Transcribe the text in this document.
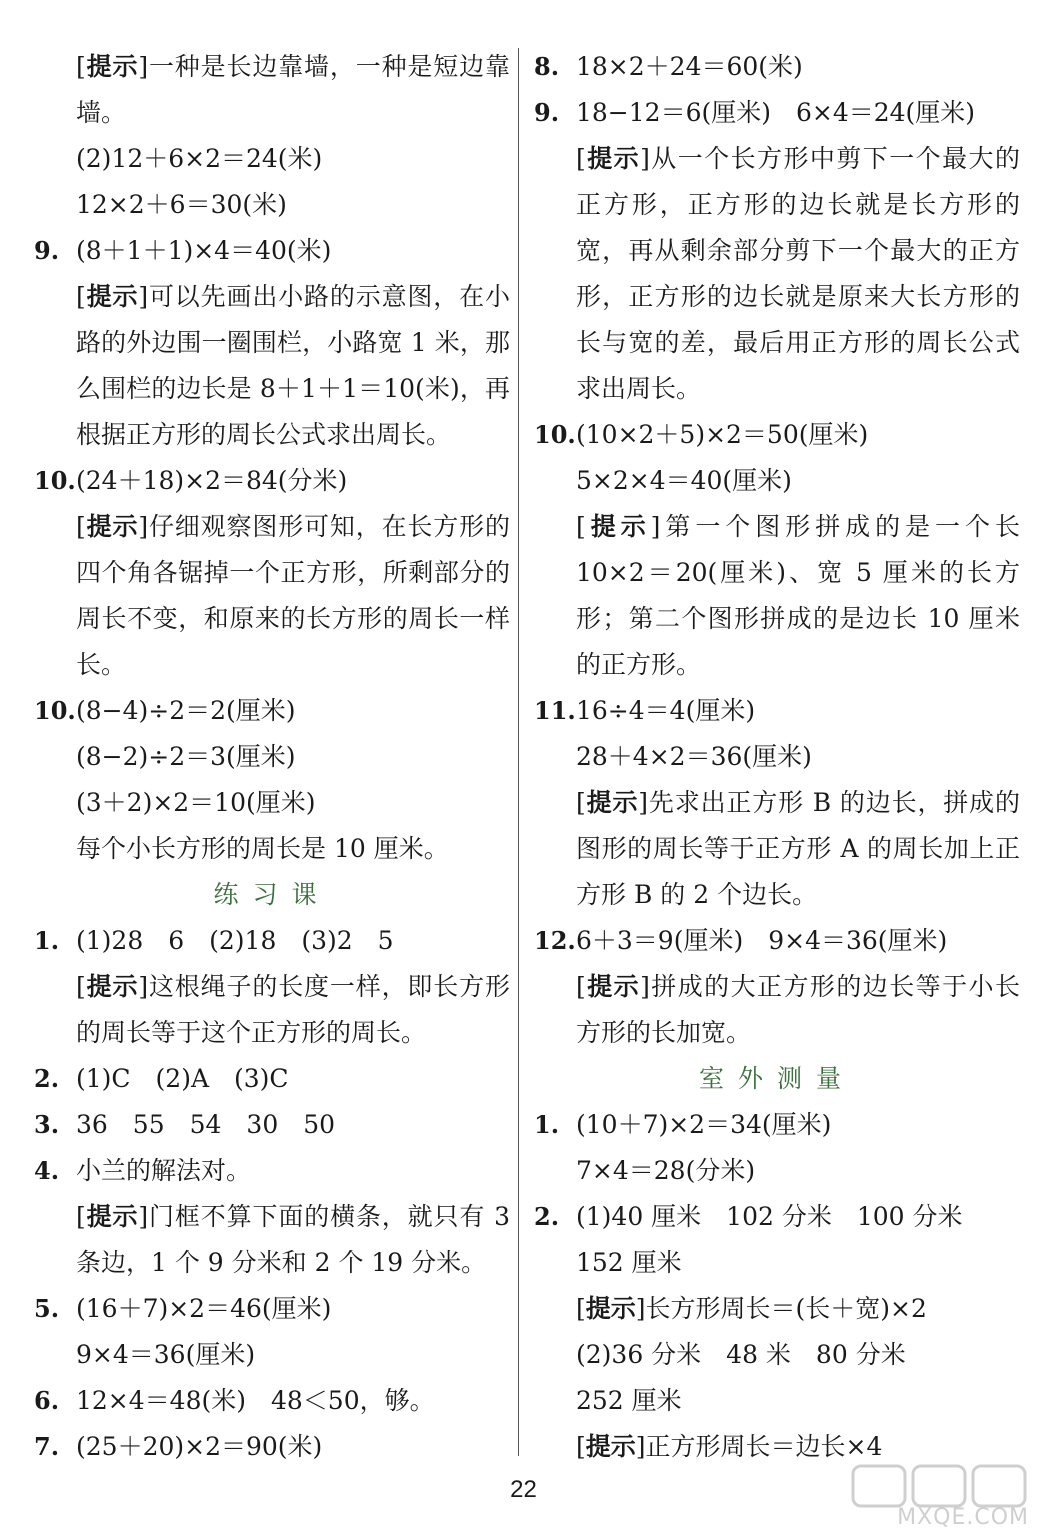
[提示]一种是长边靠墙，一种是短边靠墙。
(2)12＋6×2＝24(米)
12×2＋6＝30(米)
9. (8＋1＋1)×4＝40(米)
[提示]可以先画出小路的示意图，在小路的外边围一圈围栏，小路宽 1 米，那么围栏的边长是 8＋1＋1＝10(米)，再根据正方形的周长公式求出周长。
10. (24＋18)×2＝84(分米)
[提示]仔细观察图形可知，在长方形的四个角各锯掉一个正方形，所剩部分的周长不变，和原来的长方形的周长一样长。
10. (8−4)÷2＝2(厘米)
(8−2)÷2＝3(厘米)
(3＋2)×2＝10(厘米)
每个小长方形的周长是 10 厘米。
练习课
1. (1)28　6　(2)18　(3)2　5
[提示]这根绳子的长度一样，即长方形的周长等于这个正方形的周长。
2. (1)C　(2)A　(3)C
3. 36　55　54　30　50
4. 小兰的解法对。
[提示]门框不算下面的横条，就只有 3 条边，1 个 9 分米和 2 个 19 分米。
5. (16＋7)×2＝46(厘米)
9×4＝36(厘米)
6. 12×4＝48(米)　48＜50，够。
7. (25＋20)×2＝90(米)
8. 18×2＋24＝60(米)
9. 18−12＝6(厘米)　6×4＝24(厘米)
[提示]从一个长方形中剪下一个最大的正方形，正方形的边长就是长方形的宽，再从剩余部分剪下一个最大的正方形，正方形的边长就是原来大长方形的长与宽的差，最后用正方形的周长公式求出周长。
10. (10×2＋5)×2＝50(厘米)
5×2×4＝40(厘米)
[提示]第一个图形拼成的是一个长 10×2＝20(厘米)、宽 5 厘米的长方形；第二个图形拼成的是边长 10 厘米的正方形。
11. 16÷4＝4(厘米)
28＋4×2＝36(厘米)
[提示]先求出正方形 B 的边长，拼成的图形的周长等于正方形 A 的周长加上正方形 B 的 2 个边长。
12. 6＋3＝9(厘米)　9×4＝36(厘米)
[提示]拼成的大正方形的边长等于小长方形的长加宽。
室外测量
1. (10＋7)×2＝34(厘米)
7×4＝28(分米)
2. (1)40 厘米　102 分米　100 分米
152 厘米
[提示]长方形周长＝(长＋宽)×2
(2)36 分米　48 米　80 分米
252 厘米
[提示]正方形周长＝边长×4
22
MXQE.COM
